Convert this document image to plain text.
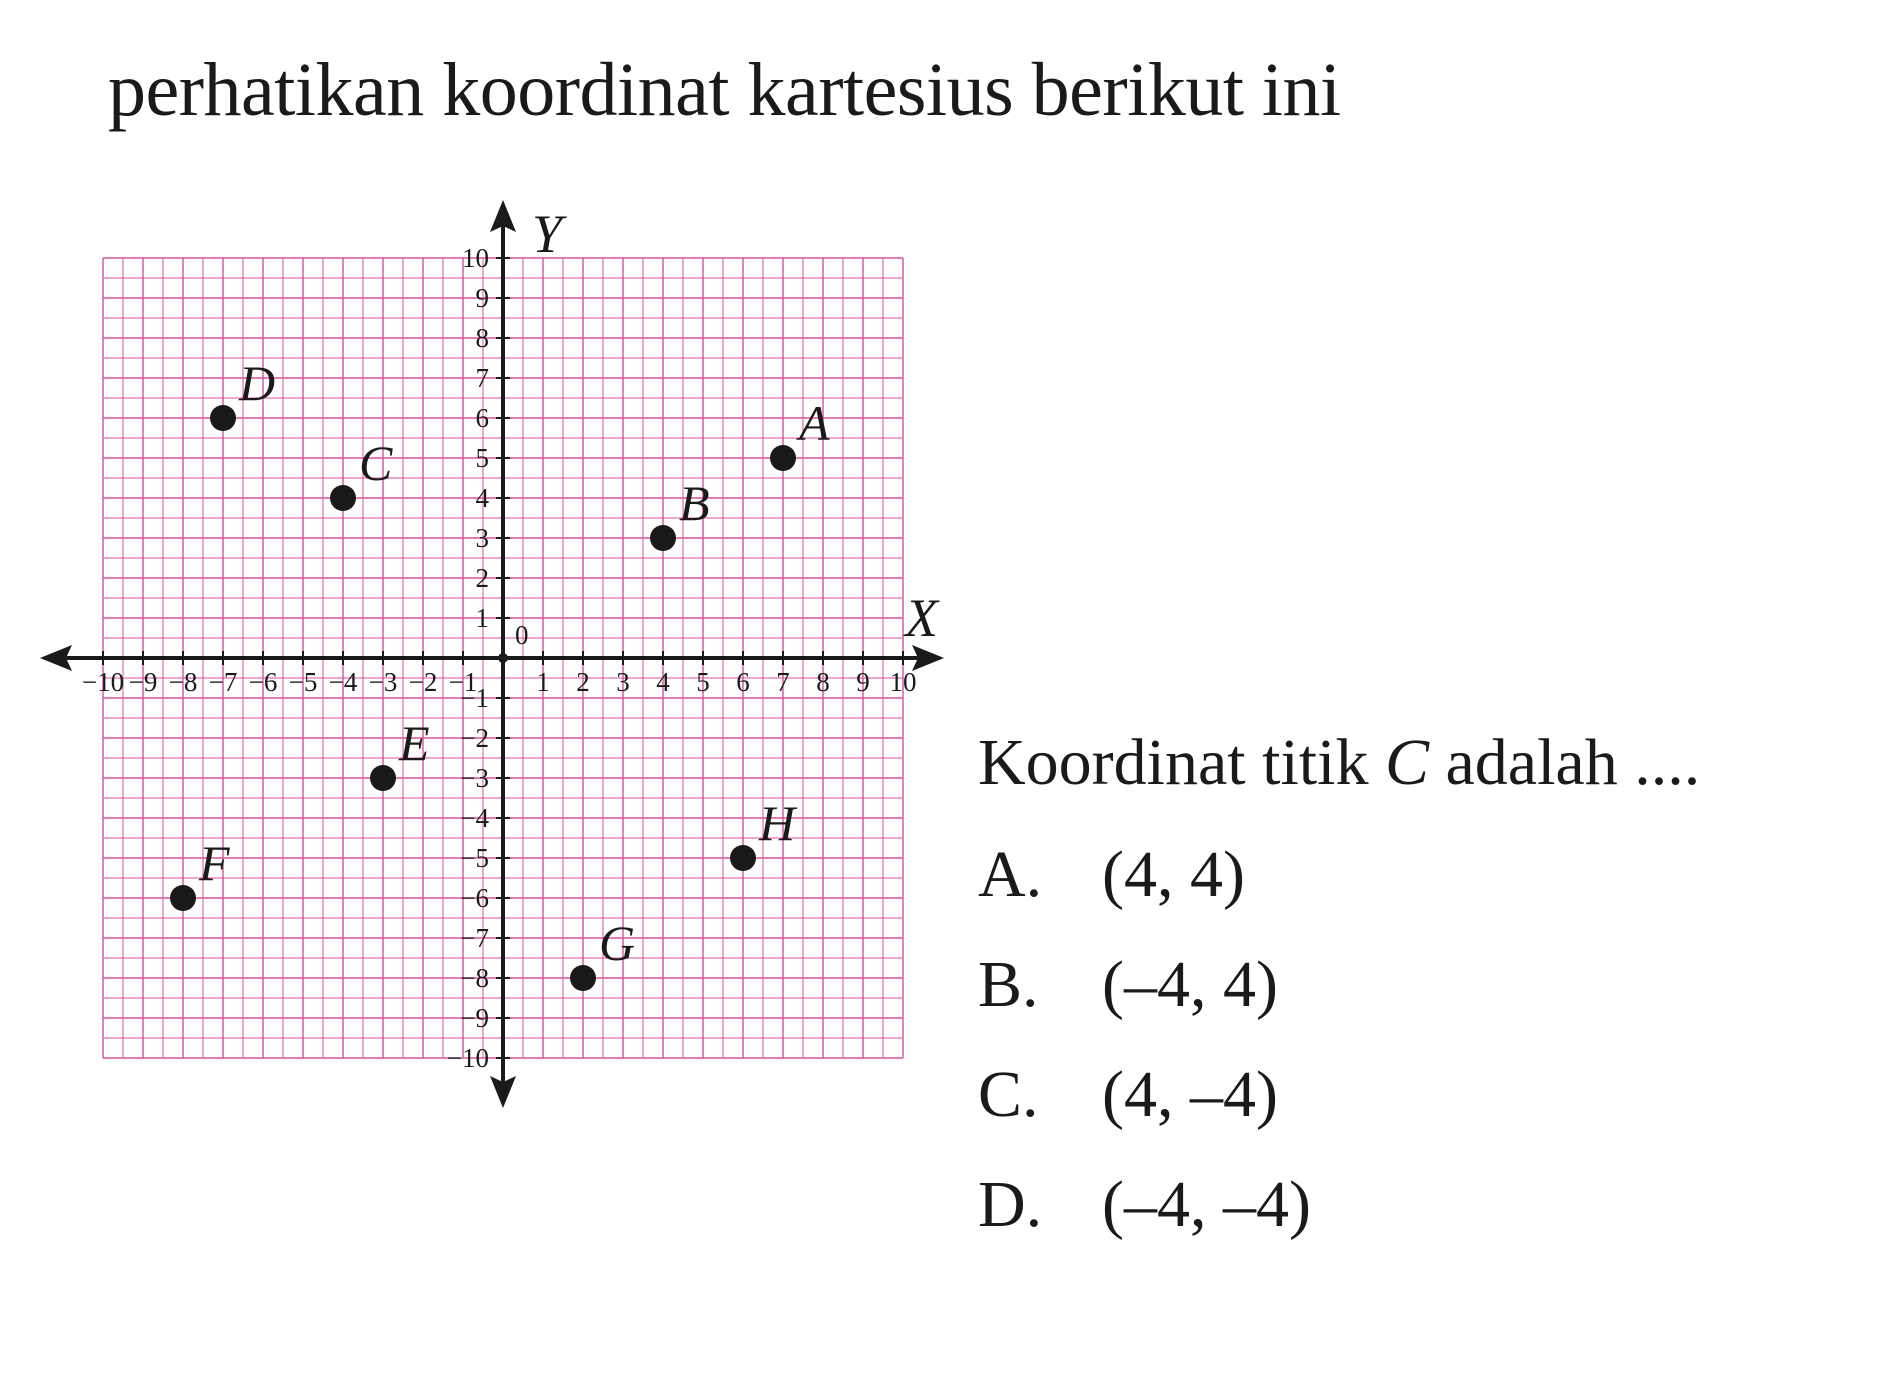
perhatikan koordinat kartesius berikut ini
−10 −9 −8 −7 −6 −5 −4 −3 −2 −1 1 2 3 4 5 6 7 8 9 10
10
9
8
7
6
5
4
3
2
1
−1
−2
−3
−4
−5
−6
−7
−8
−9
−10
0	X
Y
A
B
C
D
E
F
G
H
Koordinat titik C adalah ....
A. (4, 4)
B. (–4, 4)
C. (4, –4)
D. (–4, –4)
